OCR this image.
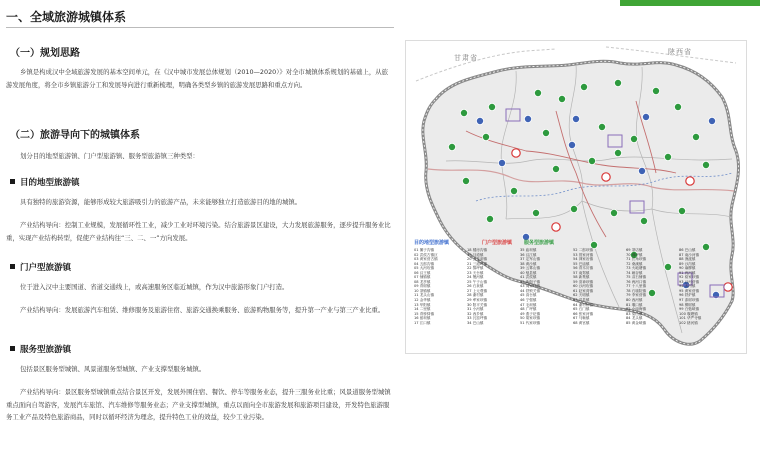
一、全域旅游城镇体系
（一）规划思路
乡镇是构成汉中全域旅游发展的基本空间单元，在《汉中城市发展总体规划（2010—2020）》对全市城镇体系规划的基础上，从旅游发展角度，将全市乡镇旅游分工和发展导向进行重新梳理，明确各类型乡镇的旅游发展思路和重点方向。
（二）旅游导向下的城镇体系
划分目的地型旅游镇、门户型旅游镇、服务型旅游镇三种类型：
目的地型旅游镇
具有独特的旅游资源，能够形成较大旅游吸引力的旅游产品，未来能够独立打造旅游目的地的城镇。
产业结构导向：控制工业规模，发展循环性工业，减少工业对环境污染。结合旅游景区建设，大力发展旅游服务，逐步提升服务业比重，实现产业结构转型，促使产业结构往“三、二、一”方向发展。
门户型旅游镇
位于进入汉中主要国道、省道交通线上，或高速服务区临近城镇，作为汉中旅游形象门户打造。
产业结构导向：发展旅游汽车租赁、维修服务及旅游住宿、旅游交通换乘服务、旅游购物服务等，提升第一产业与第三产业比重。
服务型旅游镇
包括景区服务型城镇、风景道服务型城镇、产业支撑型服务城镇。
产业结构导向：景区服务型城镇重点结合景区开发，发展外围住宿、餐饮、停车等服务业态，提升三服务业比重；风景道服务型城镇重点面向自驾游客，发展汽车旅馆、汽车维修等服务业态；产业支撑型城镇，重点以面向全市旅游发展和旅游项目建设，开发特色旅游服务工业产品及特色旅游商品，同时以循环经济为理念，提升特色工业的效益，较少工业污染。
甘肃省
陕西省
目的地型旅游镇	门户型旅游镇 服务型旅游镇
01 狮子沟镇
02 武侯古镇区
03 黄家营古镇
04 五郎沟镇
05 大河坎镇
06 汉王镇
07 铺镇镇
08 龙亭镇
09 青树镇
10 茶镇镇
11 龙头山镇
12 金华镇
13 华阳镇
14 二里镇
15 青桥驿镇
16 留坝镇
17 江口镇
18 楼房沟镇
19 马道镇
20 五龙洞镇
21 三道岭镇
22 黎坪镇
23 天台镇
24 褒河镇
25 午子山镇
26 石泉镇
27 上元观镇
28 谢村镇
29 牟家坝镇
30 阳平关镇
31 小河镇
32 西乡镇
33 瓦窑坪镇
34 巴山镇
35 庙坝镇
36 汉江镇
37 定军山镇
38 黄沙镇
39 云雾山镇
40 勉县镇
41 武侯镇
42 新街子镇
43 周家坪镇
44 铁锁关镇
45 高台镇
46 宁强镇
47 毛坝镇
48 广坪镇
49 燕子砭镇
50 胡家坝镇
51 代家坝镇
52 二郎坝镇
53 曾家河镇
54 禅家岩镇
55 巴庙镇
56 青木川镇
57 南郑镇
58 新集镇
59 喜神坝镇
60 沙河坎镇
61 赵家湾镇
62 天明镇
63 洋县镇
64 谢村桥镇
65 石门镇
66 张家河镇
67 马畅镇
68 黄官镇
69 茶店镇
70 佛坪镇
71 长角坝镇
72 桑溪镇
73 火地塘镇
74 硒谷镇
75 双石铺镇
76 两河口镇
77 十八里镇
78 石墙院镇
79 李家营镇
80 西河镇
81 堰口镇
82 小南海镇
83 梁山镇
84 龙头镇
85 黄金峡镇
86 巴山镇
87 南沙河镇
88 渔渡镇
89 沙沟镇
90 麻柳镇
91 两河镇
92 骆家坝镇
93 沙河营镇
94 大河镇
95 黄家营镇
96 铁炉镇
97 漆树坝镇
98 柳树镇
99 白勉峡镇
100 堰塘镇
101 华严寺镇
102 楮河镇
